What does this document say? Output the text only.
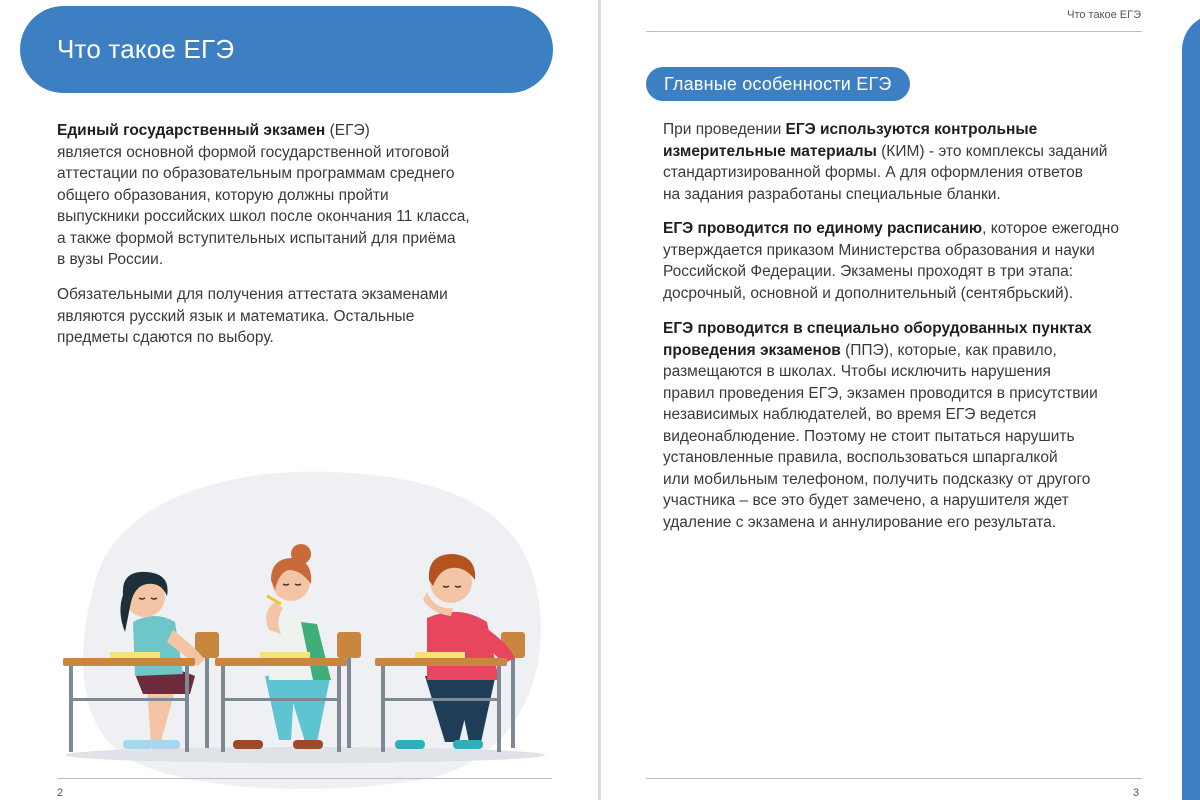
Что такое ЕГЭ
Единый государственный экзамен (ЕГЭ)
является основной формой государственной итоговой
аттестации по образовательным программам среднего
общего образования, которую должны пройти
выпускники российских школ после окончания 11 класса,
а также формой вступительных испытаний для приёма
в вузы России.
Обязательными для получения аттестата экзаменами
являются русский язык и математика. Остальные
предметы сдаются по выбору.
2
Что такое ЕГЭ
Главные особенности ЕГЭ
При проведении ЕГЭ используются контрольные
измерительные материалы (КИМ) - это комплексы заданий
стандартизированной формы. А для оформления ответов
на задания разработаны специальные бланки.
ЕГЭ проводится по единому расписанию, которое ежегодно
утверждается приказом Министерства образования и науки
Российской Федерации. Экзамены проходят в три этапа:
досрочный, основной и дополнительный (сентябрьский).
ЕГЭ проводится в специально оборудованных пунктах
проведения экзаменов (ППЭ), которые, как правило,
размещаются в школах. Чтобы исключить нарушения
правил проведения ЕГЭ, экзамен проводится в присутствии
независимых наблюдателей, во время ЕГЭ ведется
видеонаблюдение. Поэтому не стоит пытаться нарушить
установленные правила, воспользоваться шпаргалкой
или мобильным телефоном, получить подсказку от другого
участника – все это будет замечено, а нарушителя ждет
удаление с экзамена и аннулирование его результата.
3
